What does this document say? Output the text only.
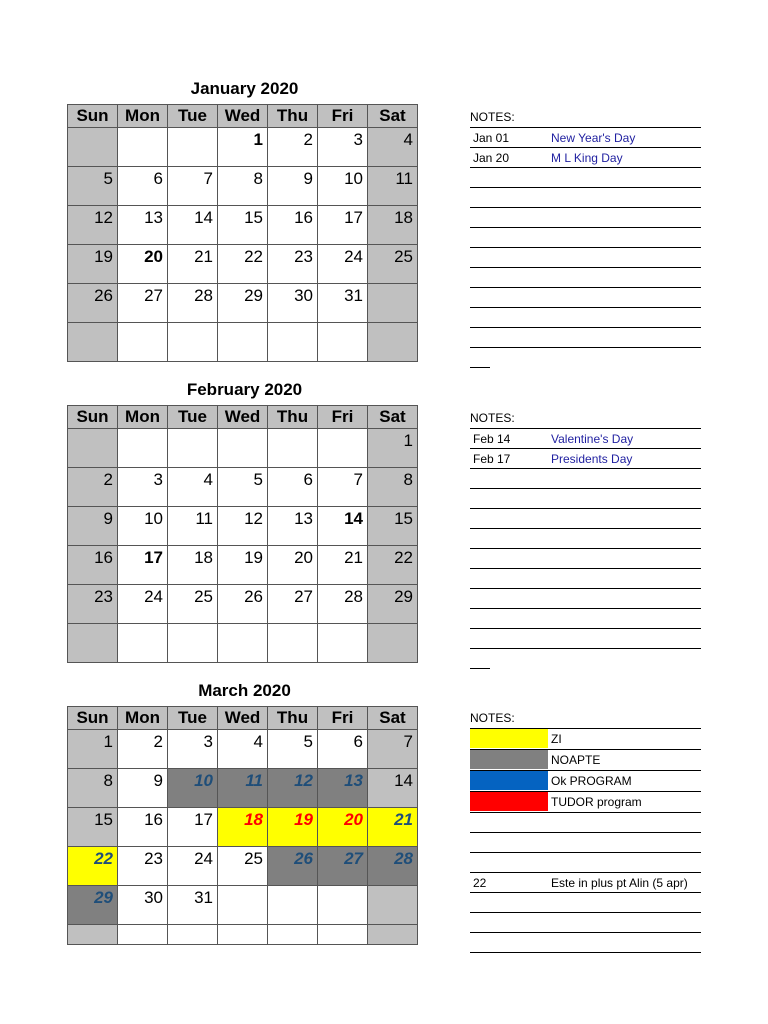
January 2020
Sun	Mon	Tue	Wed	Thu	Fri	Sat
			1	2	3	4
5	6	7	8	9	10	11
12	13	14	15	16	17	18
19	20	21	22	23	24	25
26	27	28	29	30	31	

NOTES:
Jan 01	New Year's Day
Jan 20	M L King Day
February 2020
Sun	Mon	Tue	Wed	Thu	Fri	Sat
						1
2	3	4	5	6	7	8
9	10	11	12	13	14	15
16	17	18	19	20	21	22
23	24	25	26	27	28	29

NOTES:
Feb 14	Valentine's Day
Feb 17	Presidents Day
March 2020
Sun	Mon	Tue	Wed	Thu	Fri	Sat
1	2	3	4	5	6	7
8	9	10	11	12	13	14
15	16	17	18	19	20	21
22	23	24	25	26	27	28
29	30	31				

NOTES:
ZI
NOAPTE
Ok PROGRAM
TUDOR program
22	Este in plus pt Alin (5 apr)
